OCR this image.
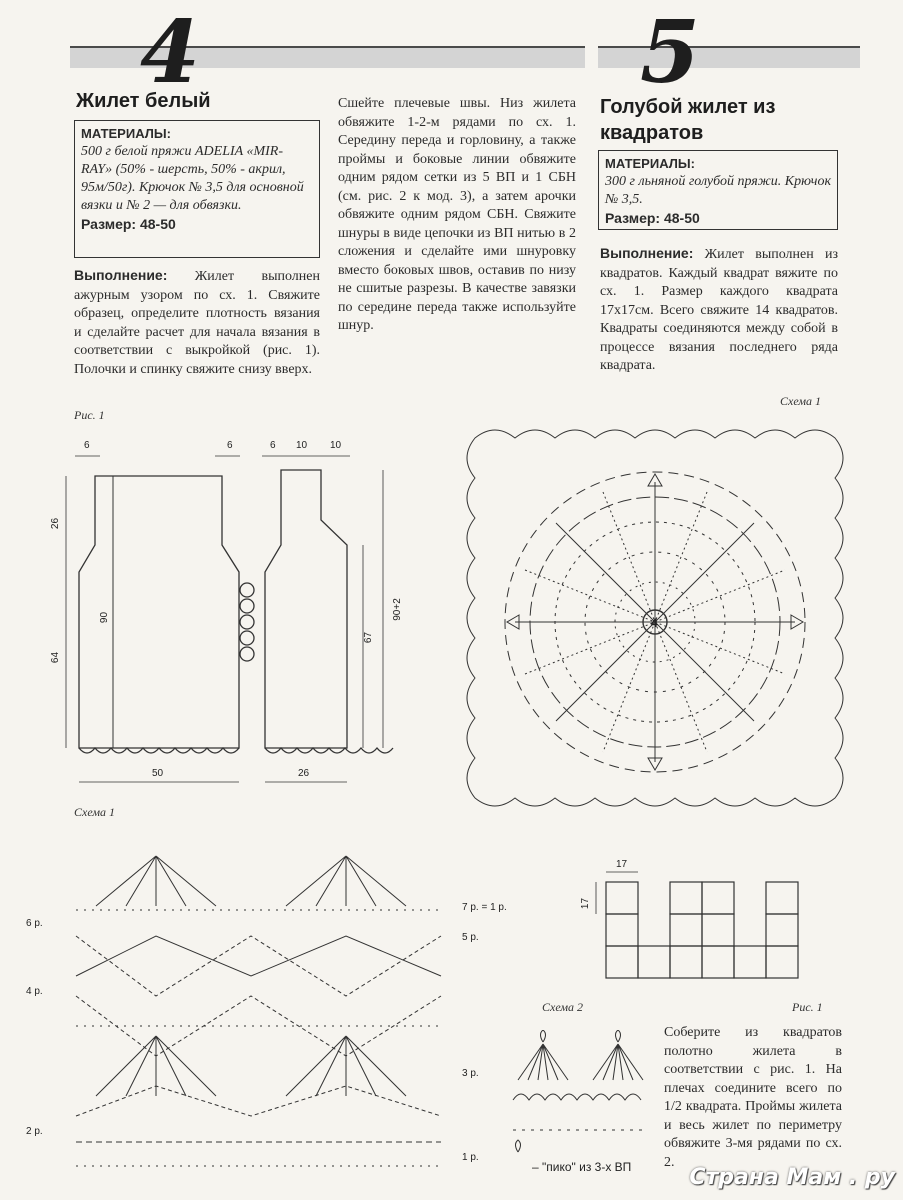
4	5
Жилет белый
МАТЕРИАЛЫ:
500 г белой пряжи ADELIA «MIR-RAY» (50% - шерсть, 50% - акрил, 95м/50г). Крючок № 3,5 для основной вязки и № 2 — для обвязки.
Размер: 48-50
Выполнение: Жилет выполнен ажурным узором по сх. 1. Свяжите образец, определите плотность вязания и сделайте расчет для начала вязания в соответствии с выкройкой (рис. 1). Полочки и спинку свяжите снизу вверх.
Сшейте плечевые швы. Низ жилета обвяжите 1-2-м рядами по сх. 1. Середину переда и горловину, а также проймы и боковые линии обвяжите одним рядом сетки из 5 ВП и 1 СБН (см. рис. 2 к мод. 3), а затем арочки обвяжите одним рядом СБН. Свяжите шнуры в виде цепочки из ВП нитью в 2 сложения и сделайте ими шнуровку вместо боковых швов, оставив по низу не сшитые разрезы. В качестве завязки по середине переда также используйте шнур.
Голубой жилет из квадратов
МАТЕРИАЛЫ:
300 г льняной голубой пряжи. Крючок № 3,5.
Размер: 48-50
Выполнение: Жилет выполнен из квадратов. Каждый квадрат вяжите по сх. 1. Размер каждого квадрата 17х17см. Всего свяжите 14 квадратов. Квадраты соединяются между собой в процессе вязания последнего ряда квадрата.
Рис. 1
Схема 1
Схема 1
Схема 2	Рис. 1
6	6	6 10 10
26
64
90
67
90+2
50	26
4
6 р.
4 р.
2 р.
7 р. = 1 р.
5 р.
3 р.
1 р.
17
17
– "пико" из 3-х ВП
Соберите из квадратов полотно жилета в соответствии с рис. 1. На плечах соедините всего по 1/2 квадрата. Проймы жилета и весь жилет по периметру обвяжите 3-мя рядами по сх. 2.
Страна Мам . ру
